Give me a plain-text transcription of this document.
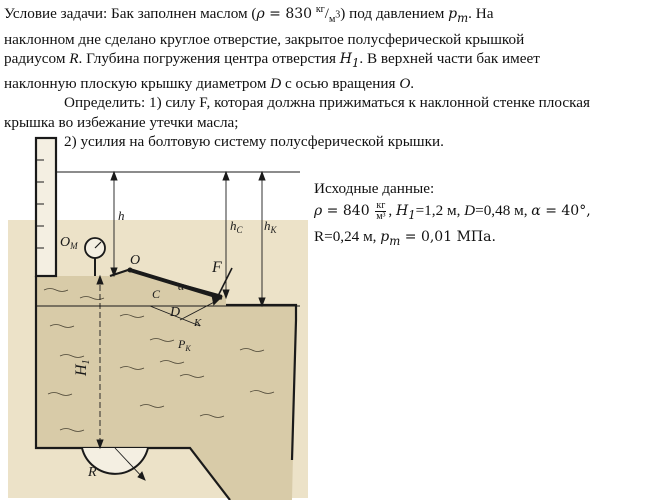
Условие задачи: Бак заполнен маслом (ρ = 830 $^{кг}/_{м^3}$) под давлением $p_m$. На

наклонном дне сделано круглое отверстие, закрытое полусферической крышкой

радиусом R. Глубина погружения центра отверстия $H_1$. В верхней части бак имеет

наклонную плоскую крышку диаметром D с осью вращения O.

Определить: 1) силу F, которая должна прижиматься к наклонной стенке плоская

крышка во избежание утечки масла;

2) усилия на болтовую систему полусферической крышки.

Исходные данные:

$\rho = 840 \frac{кг}{\text{м³}}$ , $H_1=1,2$ м, D=0,48 м, α = 40°,

R=0,24 м, $p_m = 0,01$ МПа.

h
$h_C$ $h_K$
$O_M$
O	F
C
D
K
α
$P_K$
H1
R
